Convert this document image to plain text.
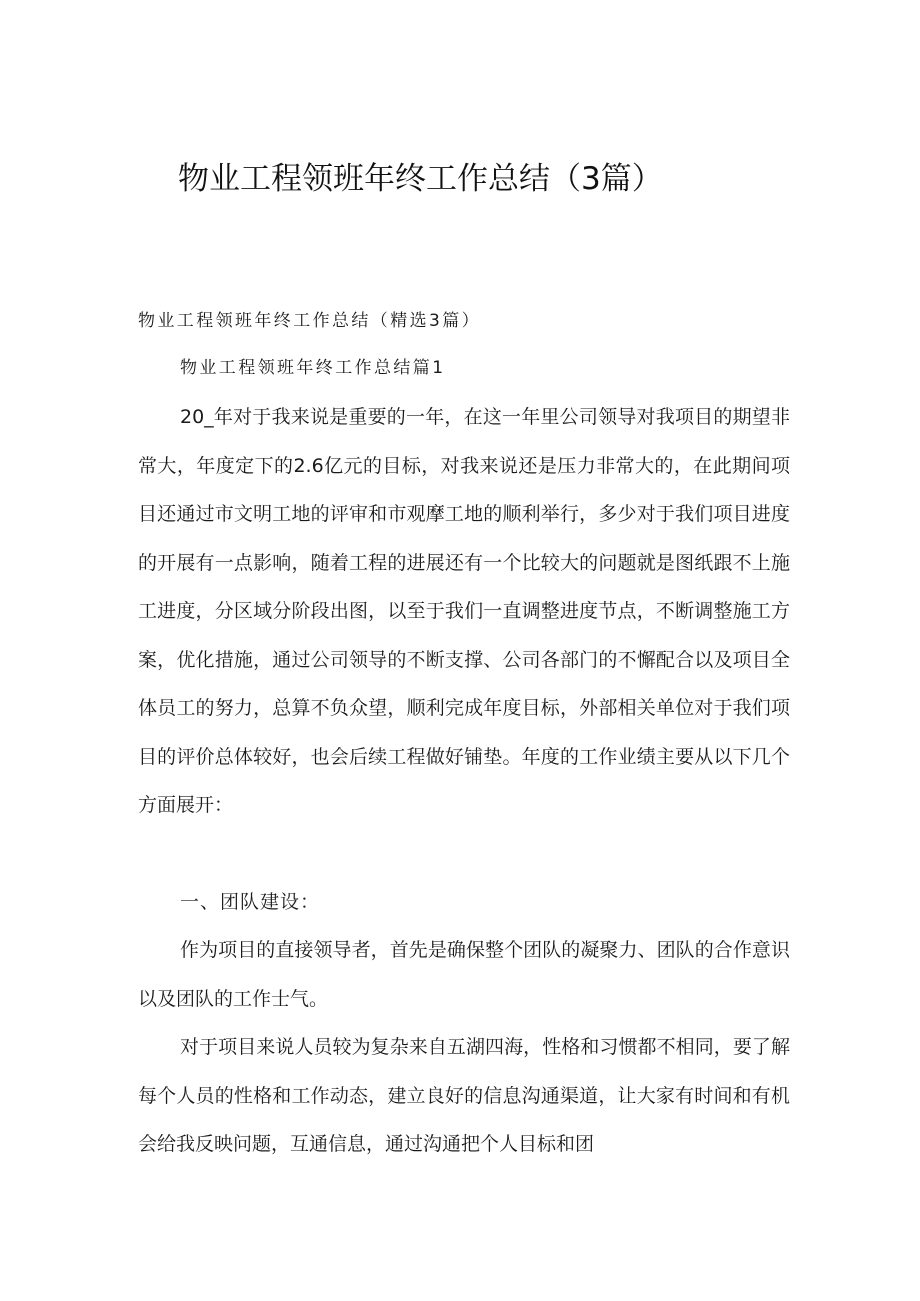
物业工程领班年终工作总结（3篇）
物业工程领班年终工作总结（精选3篇）
物业工程领班年终工作总结篇1

20_年对于我来说是重要的一年，在这一年里公司领导对我项目的期望非常大，年度定下的2.6亿元的目标，对我来说还是压力非常大的，在此期间项目还通过市文明工地的评审和市观摩工地的顺利举行，多少对于我们项目进度的开展有一点影响，随着工程的进展还有一个比较大的问题就是图纸跟不上施工进度，分区域分阶段出图，以至于我们一直调整进度节点，不断调整施工方案，优化措施，通过公司领导的不断支撑、公司各部门的不懈配合以及项目全体员工的努力，总算不负众望，顺利完成年度目标，外部相关单位对于我们项目的评价总体较好，也会后续工程做好铺垫。年度的工作业绩主要从以下几个方面展开：

一、团队建设：

作为项目的直接领导者，首先是确保整个团队的凝聚力、团队的合作意识以及团队的工作士气。

对于项目来说人员较为复杂来自五湖四海，性格和习惯都不相同，要了解每个人员的性格和工作动态，建立良好的信息沟通渠道，让大家有时间和有机会给我反映问题，互通信息，通过沟通把个人目标和团
